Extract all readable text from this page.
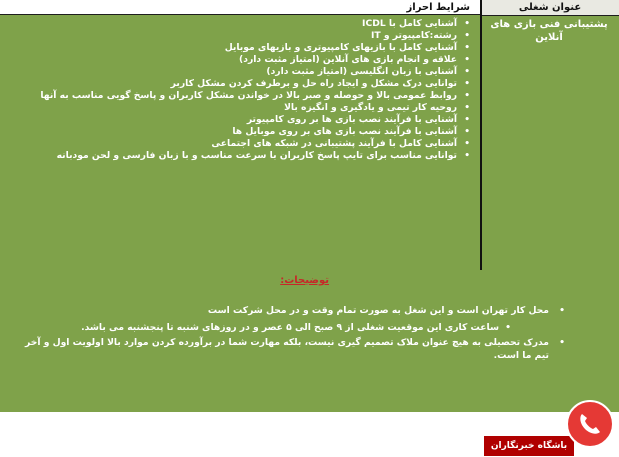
شرایط احراز	عنوان شغلی
پشتیبانی فنی بازی های آنلاین
• آشنایی کامل با ICDL
• رشته:کامپیوتر و IT
• آشنایی کامل با بازیهای کامپیوتری و بازیهای موبایل
• علاقه و انجام بازی های آنلاین (امتیاز مثبت دارد)
• آشنایی با زبان انگلیسی (امتیاز مثبت دارد)
• توانایی درک مشکل و ایجاد راه حل و برطرف کردن مشکل کاربر
• روابط عمومی بالا و حوصله و صبر بالا در خواندن مشکل کاربران و پاسخ گویی مناسب به آنها
• روحیه کار تیمی و یادگیری و انگیزه بالا
• آشنایی با فرآیند نصب بازی ها بر روی کامپیوتر
• آشنایی با فرآیند نصب بازی های بر روی موبایل ها
• آشنایی کامل با فرآیند پشتیبانی در شبکه های اجتماعی
• توانایی مناسب برای تایپ پاسخ کاربران با سرعت مناسب و با زبان فارسی و لحن مودبانه
توضیحات:
• محل کار تهران است و این شغل به صورت تمام وقت و در محل شرکت است
• ساعت کاری این موقعیت شغلی از ۹ صبح الی ۵ عصر و در روزهای شنبه تا پنجشنبه می باشد.
• مدرک تحصیلی به هیچ عنوان ملاک تصمیم گیری نیست، بلکه مهارت شما در برآورده کردن موارد بالا اولویت اول و آخر تیم ما است.
باشگاه خبرنگاران
